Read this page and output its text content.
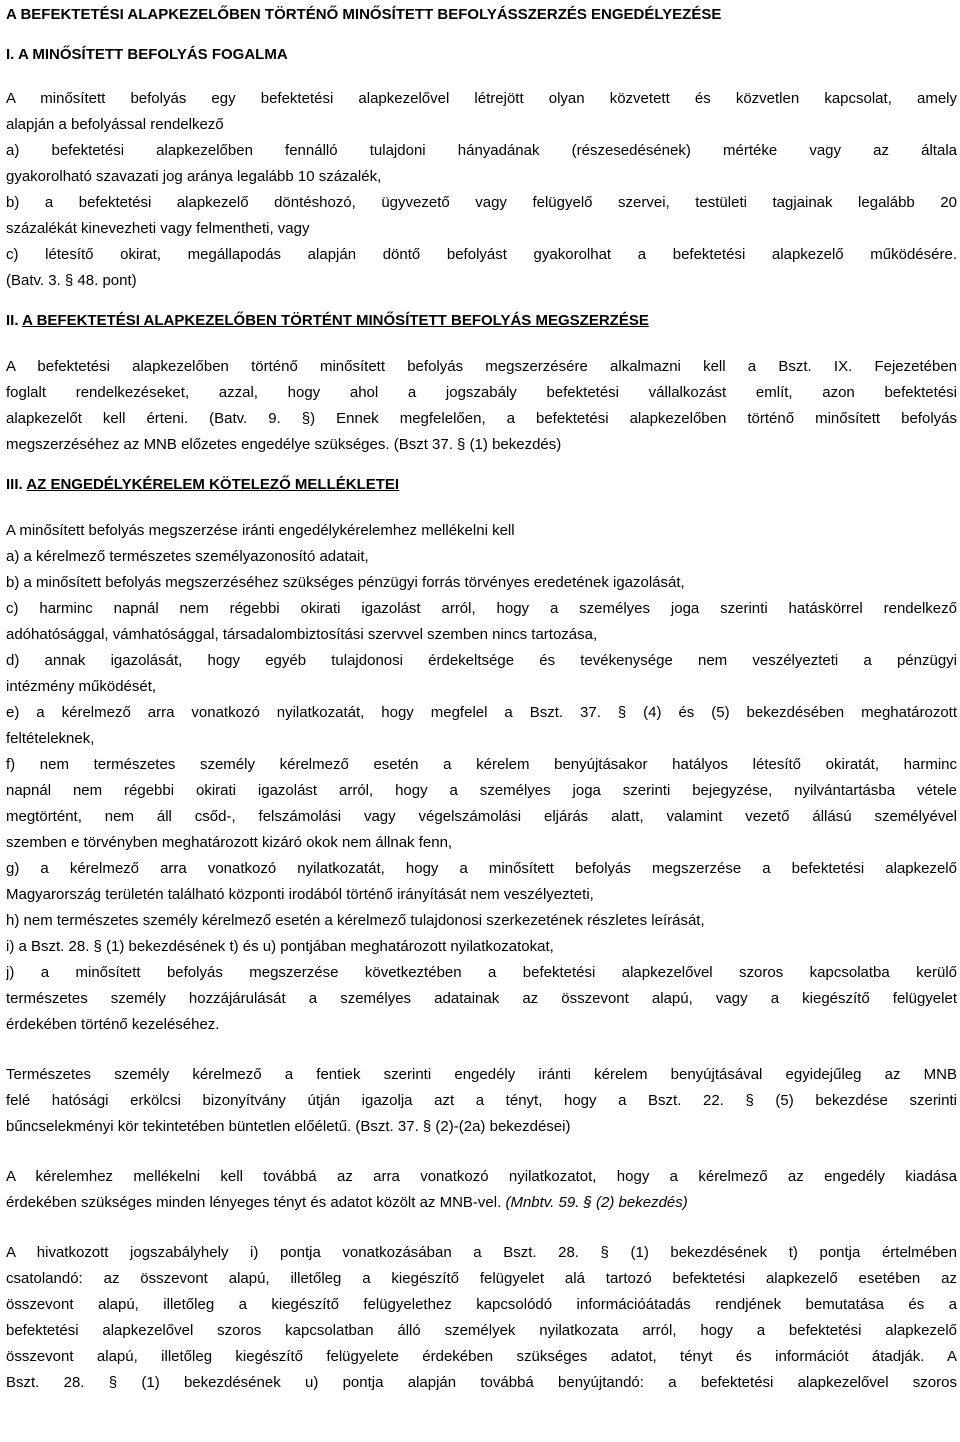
A BEFEKTETÉSI ALAPKEZELŐBEN TÖRTÉNŐ MINŐSÍTETT BEFOLYÁSSZERZÉS ENGEDÉLYEZÉSE
I. A MINŐSÍTETT BEFOLYÁS FOGALMA
A minősített befolyás egy befektetési alapkezelővel létrejött olyan közvetett és közvetlen kapcsolat, amely
alapján a befolyással rendelkező
a) befektetési alapkezelőben fennálló tulajdoni hányadának (részesedésének) mértéke vagy az általa
gyakorolható szavazati jog aránya legalább 10 százalék,
b) a befektetési alapkezelő döntéshozó, ügyvezető vagy felügyelő szervei, testületi tagjainak legalább 20
százalékát kinevezheti vagy felmentheti, vagy
c) létesítő okirat, megállapodás alapján döntő befolyást gyakorolhat a befektetési alapkezelő működésére.
(Batv. 3. § 48. pont)
II. A BEFEKTETÉSI ALAPKEZELŐBEN TÖRTÉNT MINŐSÍTETT BEFOLYÁS MEGSZERZÉSE
A befektetési alapkezelőben történő minősített befolyás megszerzésére alkalmazni kell a Bszt. IX. Fejezetében
foglalt rendelkezéseket, azzal, hogy ahol a jogszabály befektetési vállalkozást említ, azon befektetési
alapkezelőt kell érteni. (Batv. 9. §) Ennek megfelelően, a befektetési alapkezelőben történő minősített befolyás
megszerzéséhez az MNB előzetes engedélye szükséges. (Bszt 37. § (1) bekezdés)
III. AZ ENGEDÉLYKÉRELEM KÖTELEZŐ MELLÉKLETEI
A minősített befolyás megszerzése iránti engedélykérelemhez mellékelni kell
a) a kérelmező természetes személyazonosító adatait,
b) a minősített befolyás megszerzéséhez szükséges pénzügyi forrás törvényes eredetének igazolását,
c) harminc napnál nem régebbi okirati igazolást arról, hogy a személyes joga szerinti hatáskörrel rendelkező
adóhatósággal, vámhatósággal, társadalombiztosítási szervvel szemben nincs tartozása,
d) annak igazolását, hogy egyéb tulajdonosi érdekeltsége és tevékenysége nem veszélyezteti a pénzügyi
intézmény működését,
e) a kérelmező arra vonatkozó nyilatkozatát, hogy megfelel a Bszt. 37. § (4) és (5) bekezdésében meghatározott
feltételeknek,
f) nem természetes személy kérelmező esetén a kérelem benyújtásakor hatályos létesítő okiratát, harminc
napnál nem régebbi okirati igazolást arról, hogy a személyes joga szerinti bejegyzése, nyilvántartásba vétele
megtörtént, nem áll csőd-, felszámolási vagy végelszámolási eljárás alatt, valamint vezető állású személyével
szemben e törvényben meghatározott kizáró okok nem állnak fenn,
g) a kérelmező arra vonatkozó nyilatkozatát, hogy a minősített befolyás megszerzése a befektetési alapkezelő
Magyarország területén található központi irodából történő irányítását nem veszélyezteti,
h) nem természetes személy kérelmező esetén a kérelmező tulajdonosi szerkezetének részletes leírását,
i) a Bszt. 28. § (1) bekezdésének t) és u) pontjában meghatározott nyilatkozatokat,
j) a minősített befolyás megszerzése következtében a befektetési alapkezelővel szoros kapcsolatba kerülő
természetes személy hozzájárulását a személyes adatainak az összevont alapú, vagy a kiegészítő felügyelet
érdekében történő kezeléséhez.
Természetes személy kérelmező a fentiek szerinti engedély iránti kérelem benyújtásával egyidejűleg az MNB
felé hatósági erkölcsi bizonyítvány útján igazolja azt a tényt, hogy a Bszt. 22. § (5) bekezdése szerinti
bűncselekményi kör tekintetében büntetlen előéletű. (Bszt. 37. § (2)-(2a) bekezdései)
A kérelemhez mellékelni kell továbbá az arra vonatkozó nyilatkozatot, hogy a kérelmező az engedély kiadása
érdekében szükséges minden lényeges tényt és adatot közölt az MNB-vel. (Mnbtv. 59. § (2) bekezdés)
A hivatkozott jogszabályhely i) pontja vonatkozásában a Bszt. 28. § (1) bekezdésének t) pontja értelmében
csatolandó: az összevont alapú, illetőleg a kiegészítő felügyelet alá tartozó befektetési alapkezelő esetében az
összevont alapú, illetőleg a kiegészítő felügyelethez kapcsolódó információátadás rendjének bemutatása és a
befektetési alapkezelővel szoros kapcsolatban álló személyek nyilatkozata arról, hogy a befektetési alapkezelő
összevont alapú, illetőleg kiegészítő felügyelete érdekében szükséges adatot, tényt és információt átadják. A
Bszt. 28. § (1) bekezdésének u) pontja alapján továbbá benyújtandó: a befektetési alapkezelővel szoros
